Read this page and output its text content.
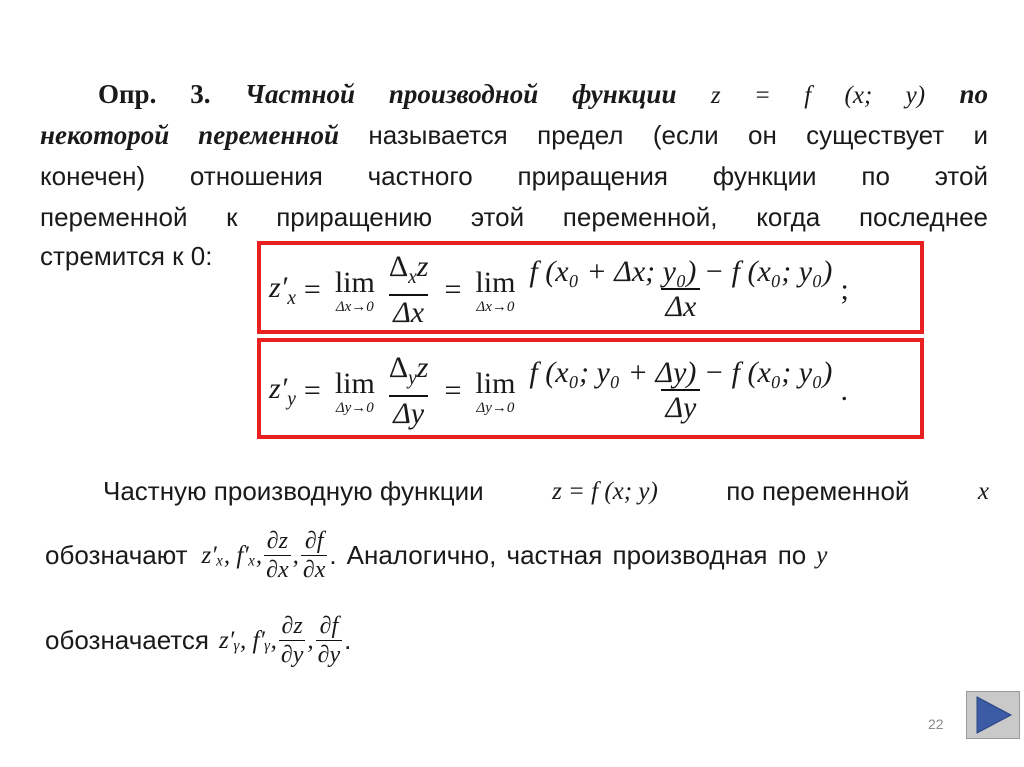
Опр. 3. Частной производной функции z = f (x; y) по
некоторой переменной называется предел (если он существует и
конечен) отношения частного приращения функции по этой
переменной к приращению этой переменной, когда последнее
стремится к 0:
$z'_x = \lim$
$\Delta x\to 0 \frac{\Delta_xz}{\Delta x} = \lim$
$\Delta x\to 0 \frac{\text{f (x₀ + Δx; y₀) − f (x₀; y₀)}}{\Delta x}$ ;
$z'_y = \lim$
$\Delta y\to 0 \frac{\Delta_yz}{\Delta y} = \lim$
$\Delta y\to 0 \frac{\text{f (x₀; y₀ + Δy) − f (x₀; y₀)}}{\Delta y}$ .
Частную производную функции	z = f (x; y)	по переменной	x
обозначают z′ₓ, f′ₓ,
∂z
∂x
,
∂f
∂x . Аналогично, частная производная по y
обозначается z′ᵧ, f′ᵧ,
∂z
∂y
,
∂f
∂y .
22
